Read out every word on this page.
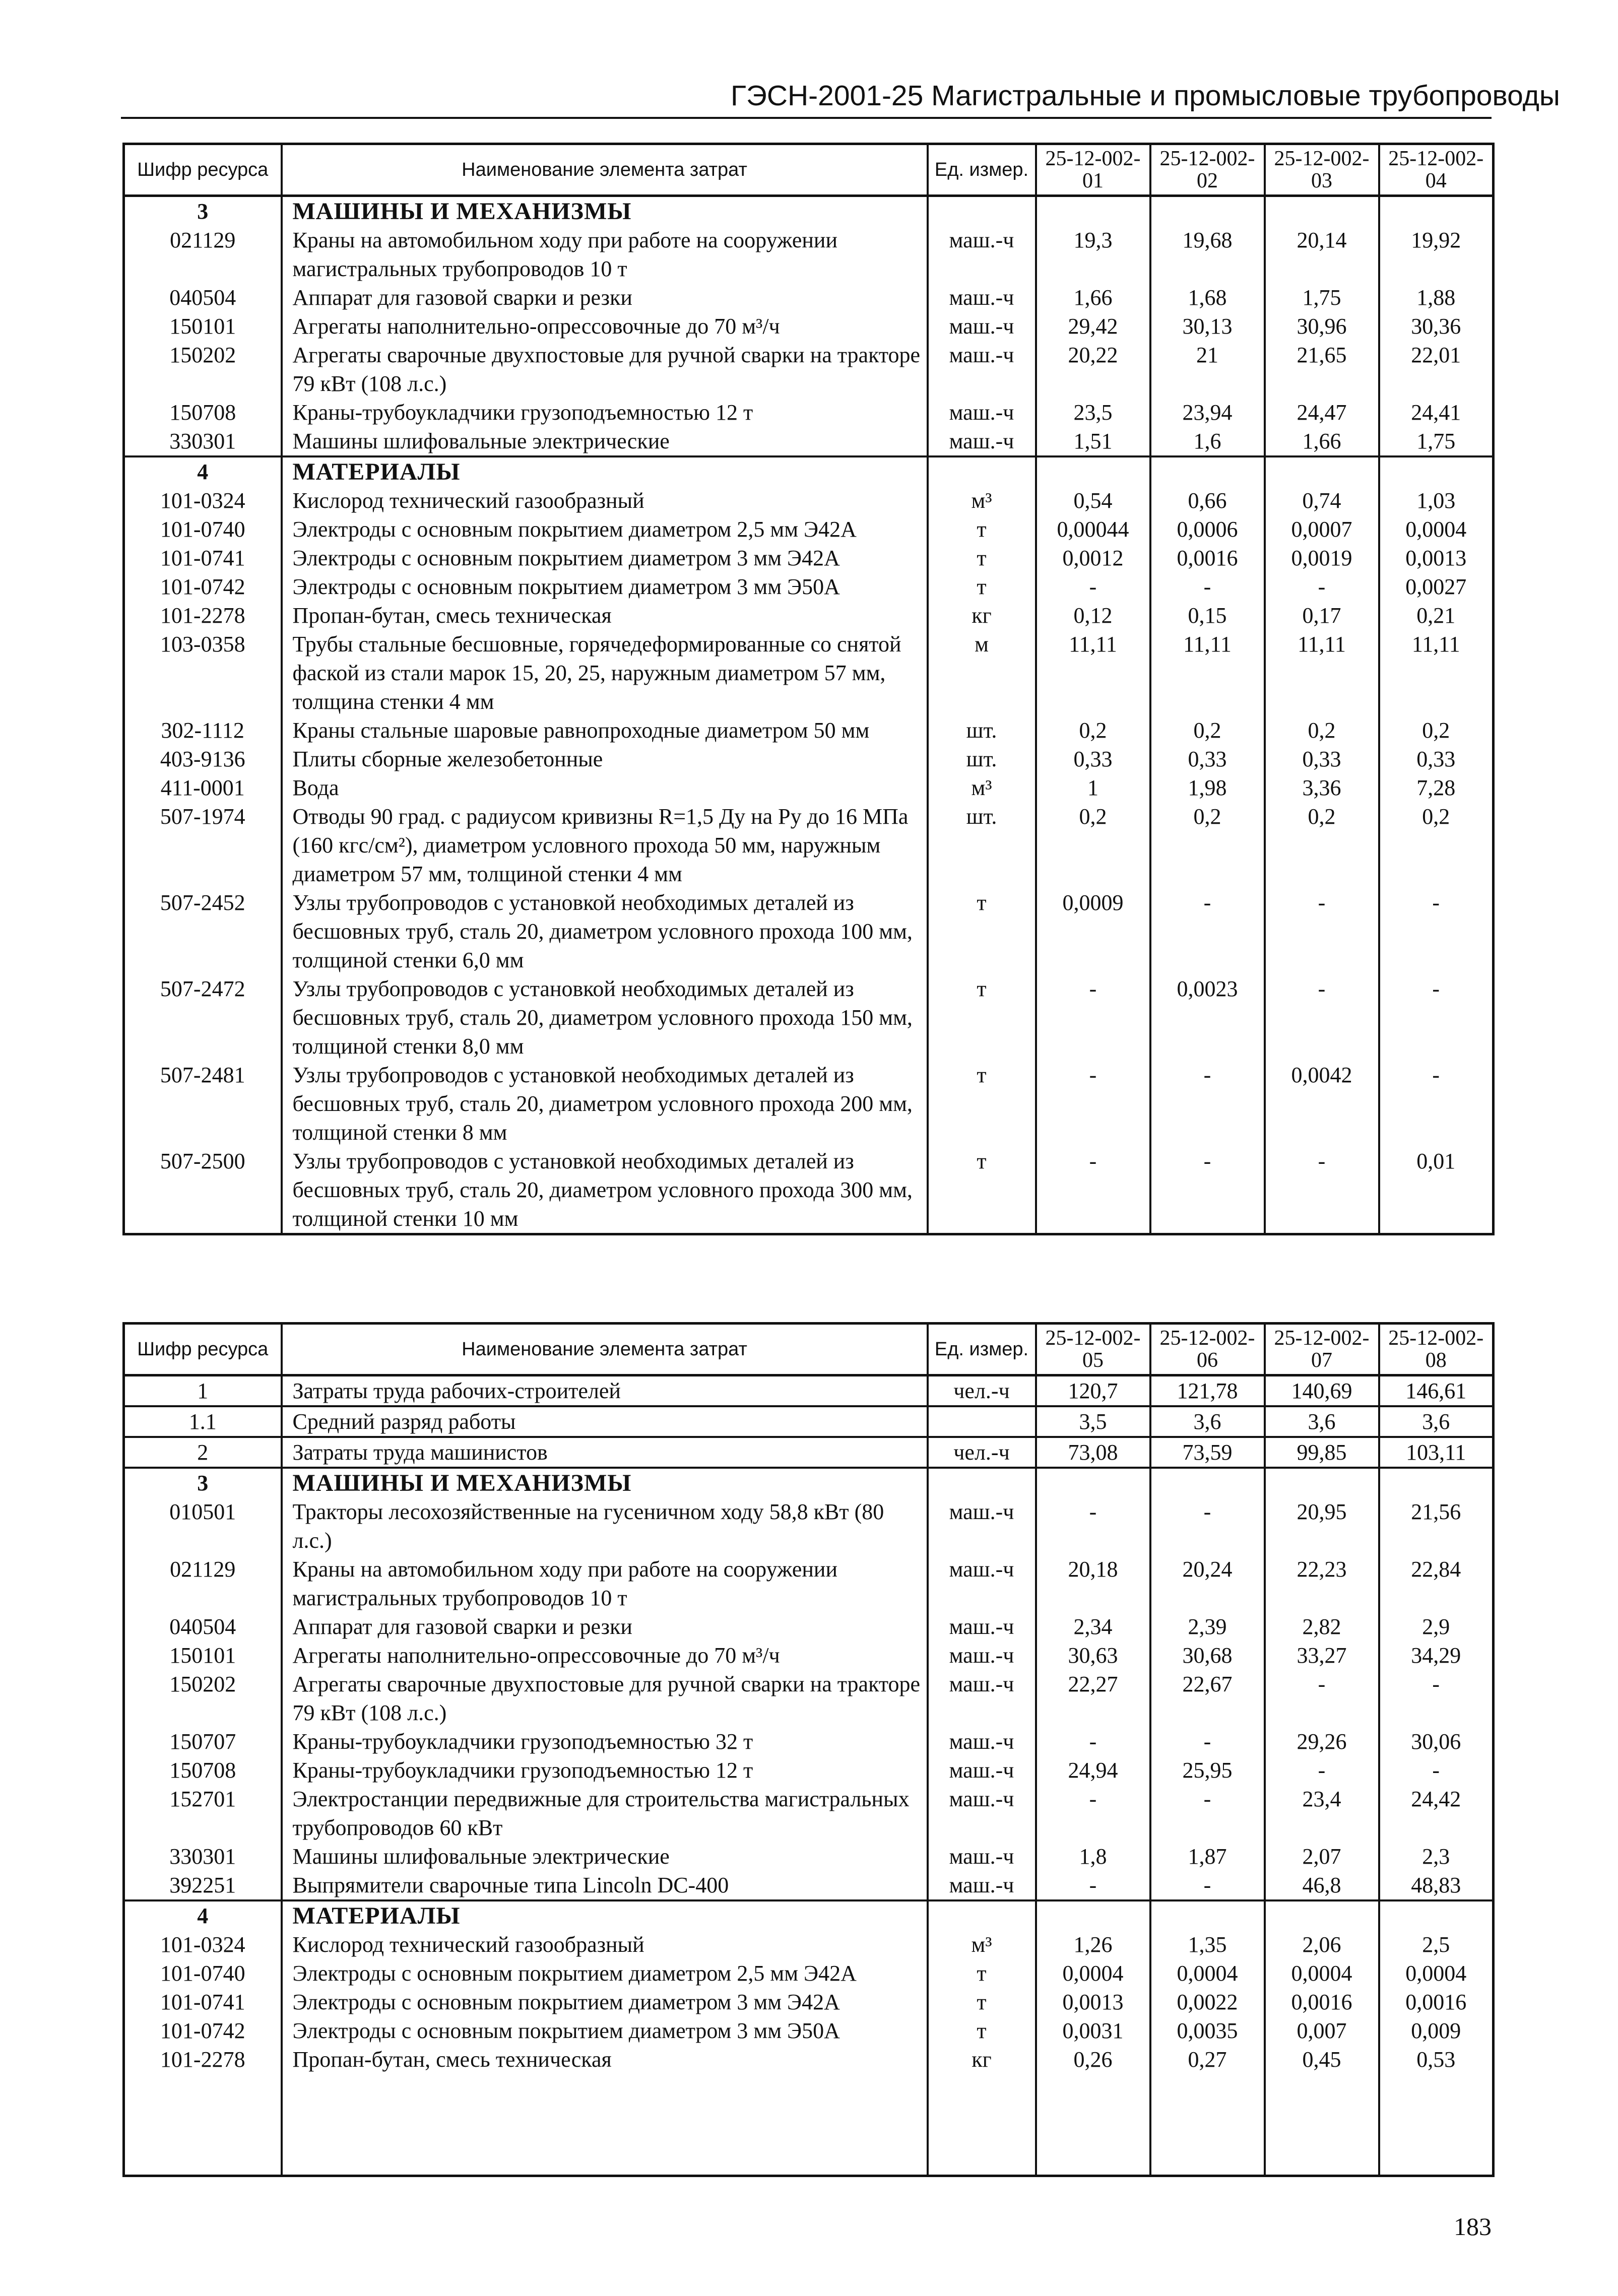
ГЭСН-2001-25 Магистральные и промысловые трубопроводы
Шифр ресурса	Наименование элемента затрат	Ед. измер.	25-12-002-01	25-12-002-02	25-12-002-03	25-12-002-04
3	МАШИНЫ И МЕХАНИЗМЫ					
021129	Краны на автомобильном ходу при работе на сооружении магистральных трубопроводов 10 т	маш.-ч	19,3	19,68	20,14	19,92
040504	Аппарат для газовой сварки и резки	маш.-ч	1,66	1,68	1,75	1,88
150101	Агрегаты наполнительно-опрессовочные до 70 м³/ч	маш.-ч	29,42	30,13	30,96	30,36
150202	Агрегаты сварочные двухпостовые для ручной сварки на тракторе 79 кВт (108 л.с.)	маш.-ч	20,22	21	21,65	22,01
150708	Краны-трубоукладчики грузоподъемностью 12 т	маш.-ч	23,5	23,94	24,47	24,41
330301	Машины шлифовальные электрические	маш.-ч	1,51	1,6	1,66	1,75
4	МАТЕРИАЛЫ					
101-0324	Кислород технический газообразный	м³	0,54	0,66	0,74	1,03
101-0740	Электроды с основным покрытием диаметром 2,5 мм Э42А	т	0,00044	0,0006	0,0007	0,0004
101-0741	Электроды с основным покрытием диаметром 3 мм Э42А	т	0,0012	0,0016	0,0019	0,0013
101-0742	Электроды с основным покрытием диаметром 3 мм Э50А	т	-	-	-	0,0027
101-2278	Пропан-бутан, смесь техническая	кг	0,12	0,15	0,17	0,21
103-0358	Трубы стальные бесшовные, горячедеформированные со снятой фаской из стали марок 15, 20, 25, наружным диаметром 57 мм, толщина стенки 4 мм	м	11,11	11,11	11,11	11,11
302-1112	Краны стальные шаровые равнопроходные диаметром 50 мм	шт.	0,2	0,2	0,2	0,2
403-9136	Плиты сборные железобетонные	шт.	0,33	0,33	0,33	0,33
411-0001	Вода	м³	1	1,98	3,36	7,28
507-1974	Отводы 90 град. с радиусом кривизны R=1,5 Ду на Ру до 16 МПа (160 кгс/см²), диаметром условного прохода 50 мм, наружным диаметром 57 мм, толщиной стенки 4 мм	шт.	0,2	0,2	0,2	0,2
507-2452	Узлы трубопроводов с установкой необходимых деталей из бесшовных труб, сталь 20, диаметром условного прохода 100 мм, толщиной стенки 6,0 мм	т	0,0009	-	-	-
507-2472	Узлы трубопроводов с установкой необходимых деталей из бесшовных труб, сталь 20, диаметром условного прохода 150 мм, толщиной стенки 8,0 мм	т	-	0,0023	-	-
507-2481	Узлы трубопроводов с установкой необходимых деталей из бесшовных труб, сталь 20, диаметром условного прохода 200 мм, толщиной стенки 8 мм	т	-	-	0,0042	-
507-2500	Узлы трубопроводов с установкой необходимых деталей из бесшовных труб, сталь 20, диаметром условного прохода 300 мм, толщиной стенки 10 мм	т	-	-	-	0,01
Шифр ресурса	Наименование элемента затрат	Ед. измер.	25-12-002-05	25-12-002-06	25-12-002-07	25-12-002-08
1	Затраты труда рабочих-строителей	чел.-ч	120,7	121,78	140,69	146,61
1.1	Средний разряд работы		3,5	3,6	3,6	3,6
2	Затраты труда машинистов	чел.-ч	73,08	73,59	99,85	103,11
3	МАШИНЫ И МЕХАНИЗМЫ					
010501	Тракторы лесохозяйственные на гусеничном ходу 58,8 кВт (80 л.с.)	маш.-ч	-	-	20,95	21,56
021129	Краны на автомобильном ходу при работе на сооружении магистральных трубопроводов 10 т	маш.-ч	20,18	20,24	22,23	22,84
040504	Аппарат для газовой сварки и резки	маш.-ч	2,34	2,39	2,82	2,9
150101	Агрегаты наполнительно-опрессовочные до 70 м³/ч	маш.-ч	30,63	30,68	33,27	34,29
150202	Агрегаты сварочные двухпостовые для ручной сварки на тракторе 79 кВт (108 л.с.)	маш.-ч	22,27	22,67	-	-
150707	Краны-трубоукладчики грузоподъемностью 32 т	маш.-ч	-	-	29,26	30,06
150708	Краны-трубоукладчики грузоподъемностью 12 т	маш.-ч	24,94	25,95	-	-
152701	Электростанции передвижные для строительства магистральных трубопроводов 60 кВт	маш.-ч	-	-	23,4	24,42
330301	Машины шлифовальные электрические	маш.-ч	1,8	1,87	2,07	2,3
392251	Выпрямители сварочные типа Lincoln DC-400	маш.-ч	-	-	46,8	48,83
4	МАТЕРИАЛЫ					
101-0324	Кислород технический газообразный	м³	1,26	1,35	2,06	2,5
101-0740	Электроды с основным покрытием диаметром 2,5 мм Э42А	т	0,0004	0,0004	0,0004	0,0004
101-0741	Электроды с основным покрытием диаметром 3 мм Э42А	т	0,0013	0,0022	0,0016	0,0016
101-0742	Электроды с основным покрытием диаметром 3 мм Э50А	т	0,0031	0,0035	0,007	0,009
101-2278	Пропан-бутан, смесь техническая	кг	0,26	0,27	0,45	0,53

183
